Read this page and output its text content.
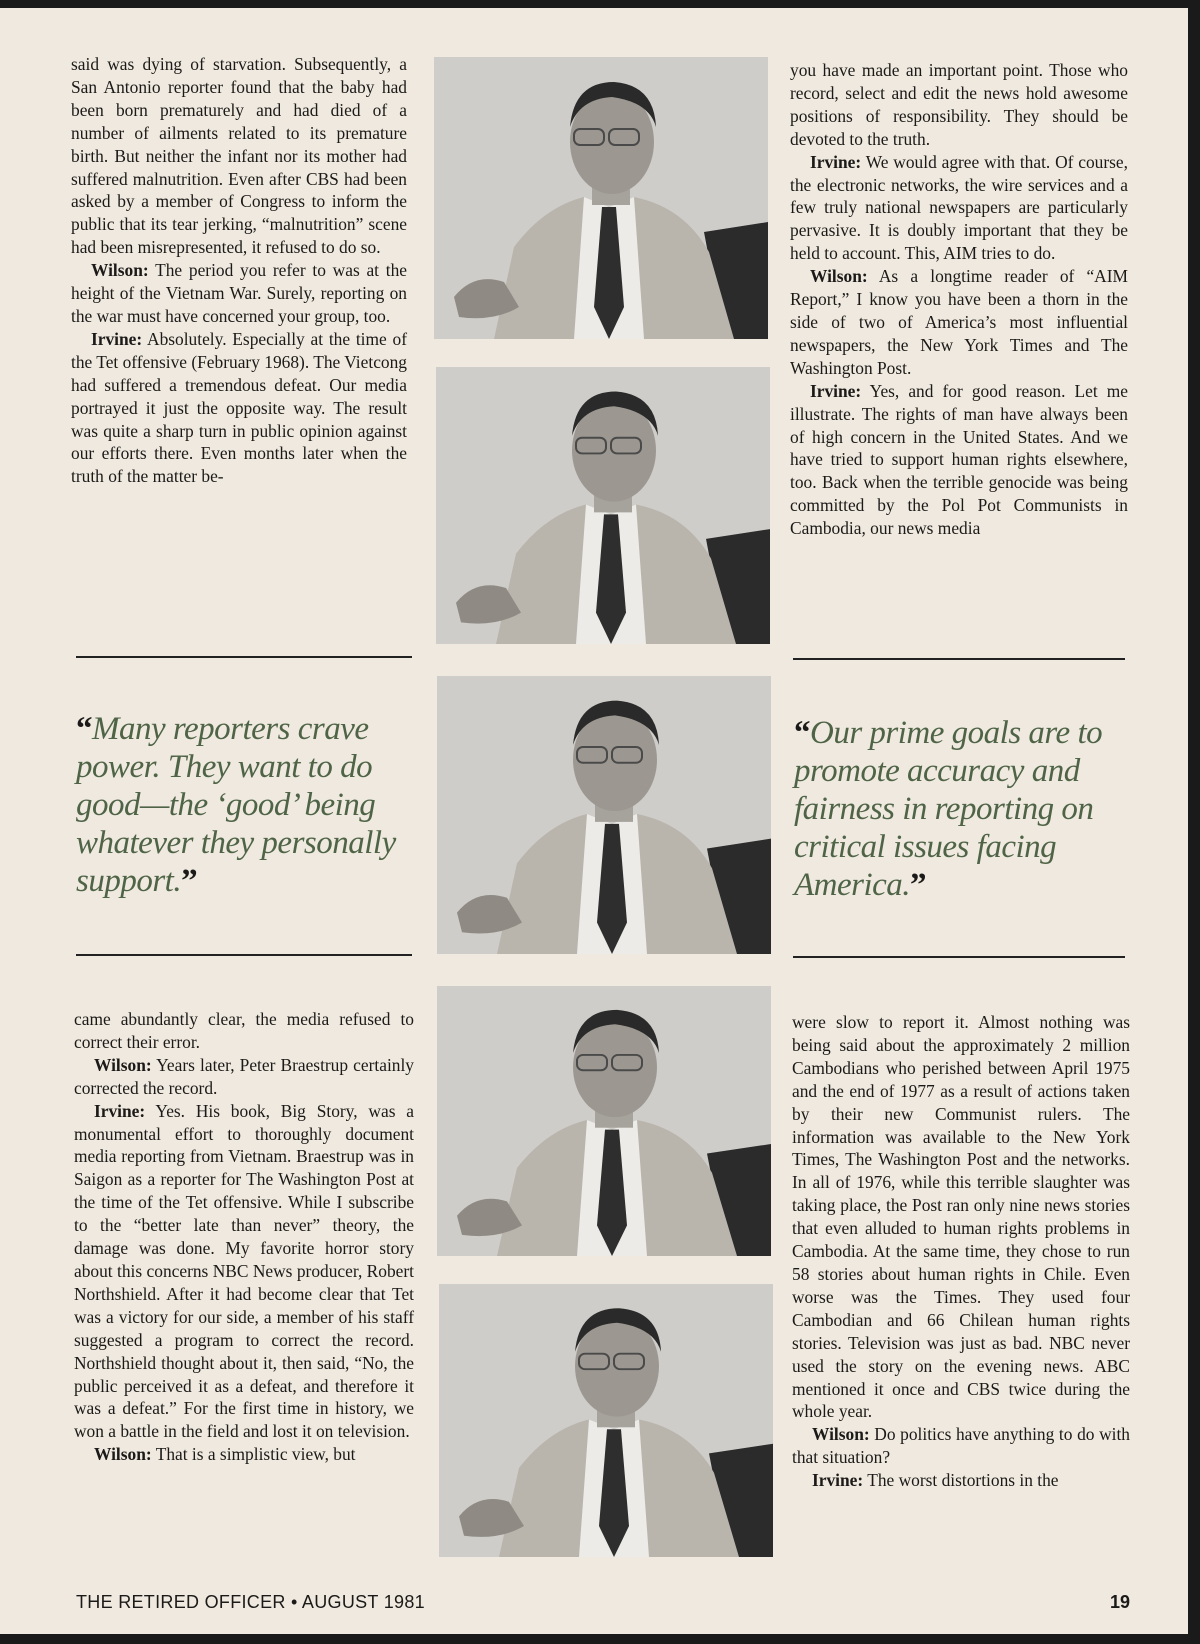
said was dying of starvation. Subsequently, a San Antonio reporter found that the baby had been born prematurely and had died of a number of ailments related to its premature birth. But neither the infant nor its mother had suffered malnutrition. Even after CBS had been asked by a member of Congress to inform the public that its tear jerking, “malnutrition” scene had been misrepresented, it refused to do so.

Wilson: The period you refer to was at the height of the Vietnam War. Surely, reporting on the war must have concerned your group, too.

Irvine: Absolutely. Especially at the time of the Tet offensive (February 1968). The Vietcong had suffered a tremendous defeat. Our media portrayed it just the opposite way. The result was quite a sharp turn in public opinion against our efforts there. Even months later when the truth of the matter be-

you have made an important point. Those who record, select and edit the news hold awesome positions of responsibility. They should be devoted to the truth.

Irvine: We would agree with that. Of course, the electronic networks, the wire services and a few truly national newspapers are particularly pervasive. It is doubly important that they be held to account. This, AIM tries to do.

Wilson: As a longtime reader of “AIM Report,” I know you have been a thorn in the side of two of America’s most influential newspapers, the New York Times and The Washington Post.

Irvine: Yes, and for good reason. Let me illustrate. The rights of man have always been of high concern in the United States. And we have tried to support human rights elsewhere, too. Back when the terrible genocide was being committed by the Pol Pot Communists in Cambodia, our news media

came abundantly clear, the media refused to correct their error.

Wilson: Years later, Peter Braestrup certainly corrected the record.

Irvine: Yes. His book, Big Story, was a monumental effort to thoroughly document media reporting from Vietnam. Braestrup was in Saigon as a reporter for The Washington Post at the time of the Tet offensive. While I subscribe to the “better late than never” theory, the damage was done. My favorite horror story about this concerns NBC News producer, Robert Northshield. After it had become clear that Tet was a victory for our side, a member of his staff suggested a program to correct the record. Northshield thought about it, then said, “No, the public perceived it as a defeat, and therefore it was a defeat.” For the first time in history, we won a battle in the field and lost it on television.

Wilson: That is a simplistic view, but

were slow to report it. Almost nothing was being said about the approximately 2 million Cambodians who perished between April 1975 and the end of 1977 as a result of actions taken by their new Communist rulers. The information was available to the New York Times, The Washington Post and the networks. In all of 1976, while this terrible slaughter was taking place, the Post ran only nine news stories that even alluded to human rights problems in Cambodia. At the same time, they chose to run 58 stories about human rights in Chile. Even worse was the Times. They used four Cambodian and 66 Chilean human rights stories. Television was just as bad. NBC never used the story on the evening news. ABC mentioned it once and CBS twice during the whole year.

Wilson: Do politics have anything to do with that situation?

Irvine: The worst distortions in the

“Many reporters crave power. They want to do good—the ‘good’ being whatever they personally support.”
“Our prime goals are to promote accuracy and fairness in reporting on critical issues facing America.”
THE RETIRED OFFICER • AUGUST 1981	19
